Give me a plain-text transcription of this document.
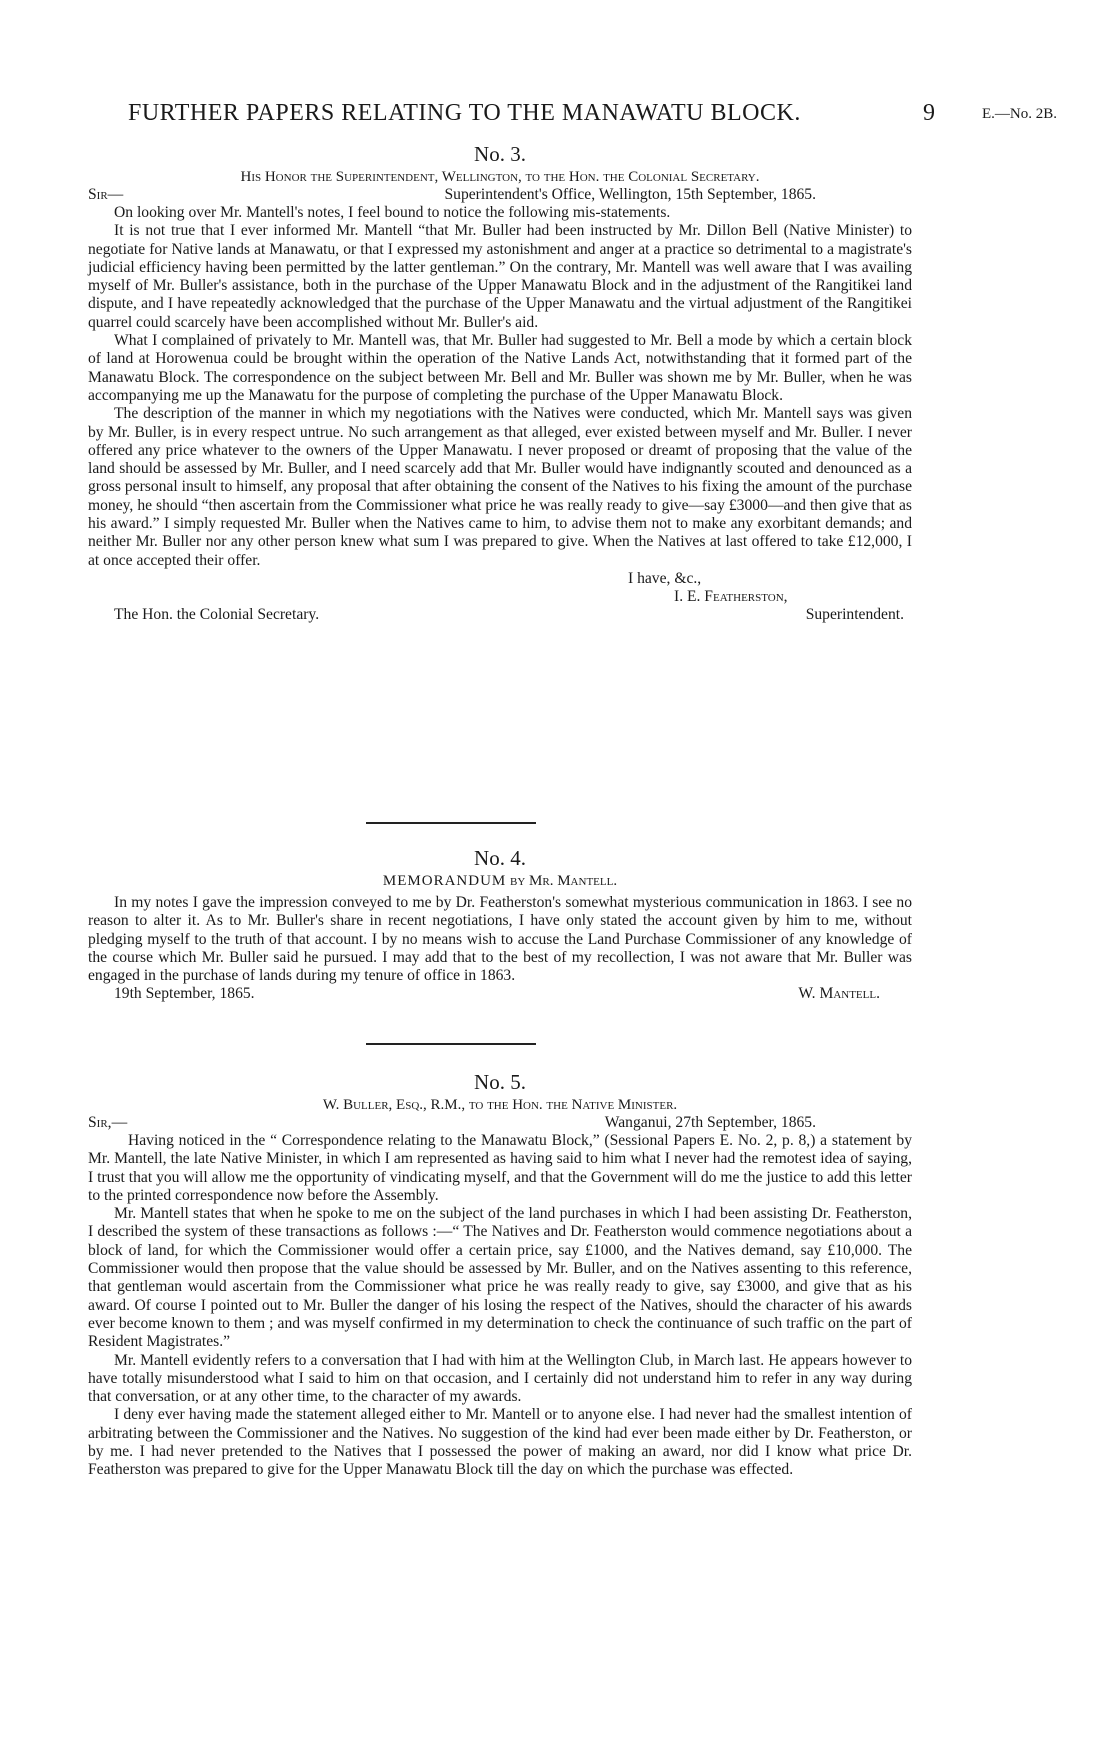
FURTHER PAPERS RELATING TO THE MANAWATU BLOCK.	9	E.—No. 2B.

No. 3.

His Honor the Superintendent, Wellington, to the Hon. the Colonial Secretary.

Sir—	Superintendent's Office, Wellington, 15th September, 1865.

On looking over Mr. Mantell's notes, I feel bound to notice the following mis-statements.

It is not true that I ever informed Mr. Mantell “that Mr. Buller had been instructed by Mr. Dillon Bell (Native Minister) to negotiate for Native lands at Manawatu, or that I expressed my astonishment and anger at a practice so detrimental to a magistrate's judicial efficiency having been permitted by the latter gentleman.” On the contrary, Mr. Mantell was well aware that I was availing myself of Mr. Buller's assistance, both in the purchase of the Upper Manawatu Block and in the adjustment of the Rangitikei land dispute, and I have repeatedly acknowledged that the purchase of the Upper Manawatu and the virtual adjustment of the Rangitikei quarrel could scarcely have been accomplished without Mr. Buller's aid.

What I complained of privately to Mr. Mantell was, that Mr. Buller had suggested to Mr. Bell a mode by which a certain block of land at Horowenua could be brought within the operation of the Native Lands Act, notwithstanding that it formed part of the Manawatu Block. The correspondence on the subject between Mr. Bell and Mr. Buller was shown me by Mr. Buller, when he was accompanying me up the Manawatu for the purpose of completing the purchase of the Upper Manawatu Block.

The description of the manner in which my negotiations with the Natives were conducted, which Mr. Mantell says was given by Mr. Buller, is in every respect untrue. No such arrangement as that alleged, ever existed between myself and Mr. Buller. I never offered any price whatever to the owners of the Upper Manawatu. I never proposed or dreamt of proposing that the value of the land should be assessed by Mr. Buller, and I need scarcely add that Mr. Buller would have indignantly scouted and denounced as a gross personal insult to himself, any proposal that after obtaining the consent of the Natives to his fixing the amount of the purchase money, he should “then ascertain from the Commissioner what price he was really ready to give—say £3000—and then give that as his award.” I simply requested Mr. Buller when the Natives came to him, to advise them not to make any exorbitant demands; and neither Mr. Buller nor any other person knew what sum I was prepared to give. When the Natives at last offered to take £12,000, I at once accepted their offer.

I have, &c.,

I. E. Featherston,

The Hon. the Colonial Secretary.	Superintendent.

No. 4.

MEMORANDUM by Mr. Mantell.

In my notes I gave the impression conveyed to me by Dr. Featherston's somewhat mysterious communication in 1863. I see no reason to alter it. As to Mr. Buller's share in recent negotiations, I have only stated the account given by him to me, without pledging myself to the truth of that account. I by no means wish to accuse the Land Purchase Commissioner of any knowledge of the course which Mr. Buller said he pursued. I may add that to the best of my recollection, I was not aware that Mr. Buller was engaged in the purchase of lands during my tenure of office in 1863.

19th September, 1865.	W. Mantell.

No. 5.

W. Buller, Esq., R.M., to the Hon. the Native Minister.

Sir,—	Wanganui, 27th September, 1865.

Having noticed in the “ Correspondence relating to the Manawatu Block,” (Sessional Papers E. No. 2, p. 8,) a statement by Mr. Mantell, the late Native Minister, in which I am represented as having said to him what I never had the remotest idea of saying, I trust that you will allow me the opportunity of vindicating myself, and that the Government will do me the justice to add this letter to the printed correspondence now before the Assembly.

Mr. Mantell states that when he spoke to me on the subject of the land purchases in which I had been assisting Dr. Featherston, I described the system of these transactions as follows :—“ The Natives and Dr. Featherston would commence negotiations about a block of land, for which the Commissioner would offer a certain price, say £1000, and the Natives demand, say £10,000. The Commissioner would then propose that the value should be assessed by Mr. Buller, and on the Natives assenting to this reference, that gentleman would ascertain from the Commissioner what price he was really ready to give, say £3000, and give that as his award. Of course I pointed out to Mr. Buller the danger of his losing the respect of the Natives, should the character of his awards ever become known to them ; and was myself confirmed in my determination to check the continuance of such traffic on the part of Resident Magistrates.”

Mr. Mantell evidently refers to a conversation that I had with him at the Wellington Club, in March last. He appears however to have totally misunderstood what I said to him on that occasion, and I certainly did not understand him to refer in any way during that conversation, or at any other time, to the character of my awards.

I deny ever having made the statement alleged either to Mr. Mantell or to anyone else. I had never had the smallest intention of arbitrating between the Commissioner and the Natives. No suggestion of the kind had ever been made either by Dr. Featherston, or by me. I had never pretended to the Natives that I possessed the power of making an award, nor did I know what price Dr. Featherston was prepared to give for the Upper Manawatu Block till the day on which the purchase was effected.
